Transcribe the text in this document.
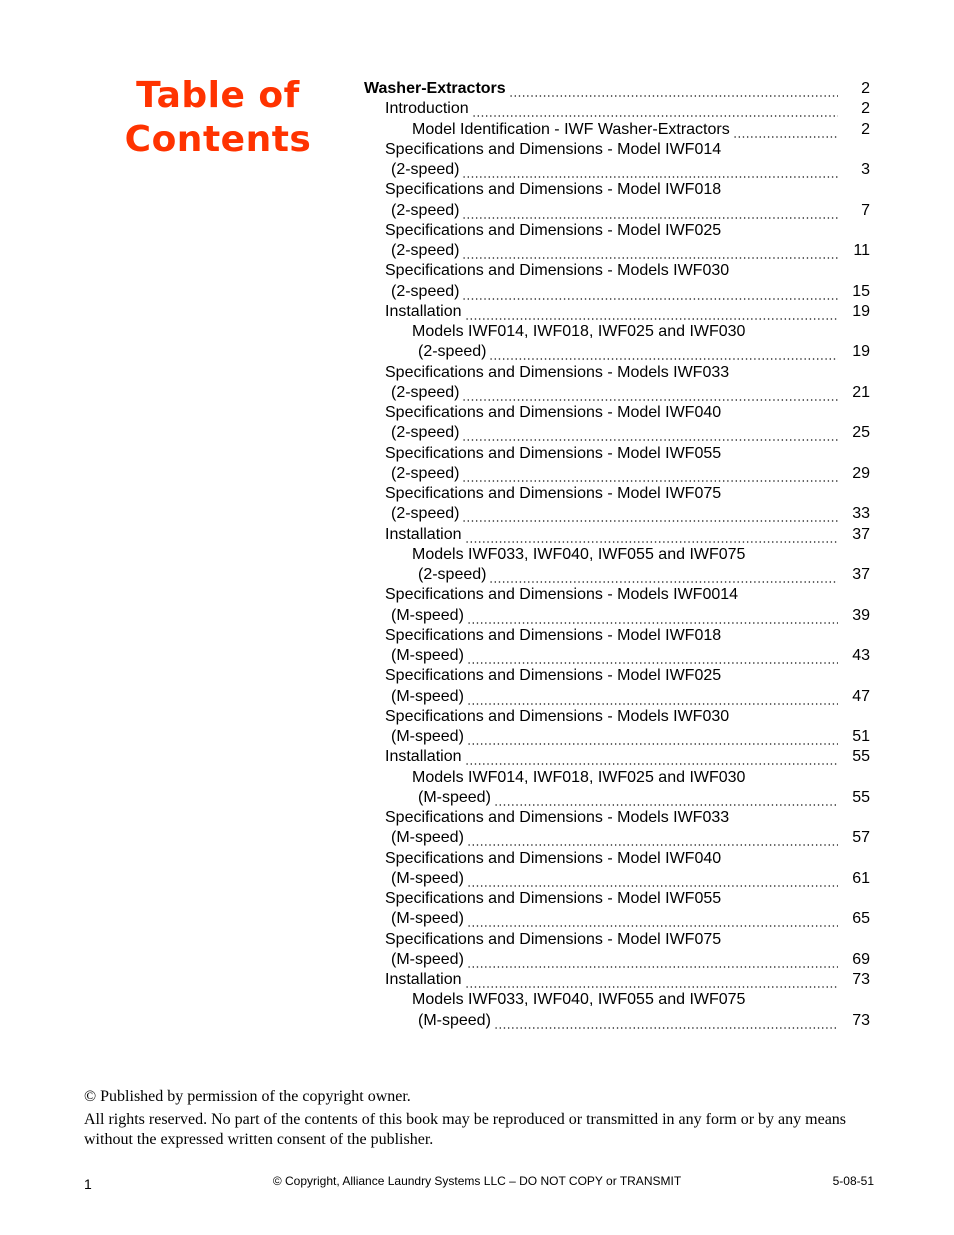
Table of
Contents
Washer-Extractors	2
Introduction	2
Model Identification - IWF Washer-Extractors	2
Specifications and Dimensions - Model IWF014
(2-speed)	3
Specifications and Dimensions - Model IWF018
(2-speed)	7
Specifications and Dimensions - Model IWF025
(2-speed)	11
Specifications and Dimensions - Models IWF030
(2-speed)	15
Installation	19
Models IWF014, IWF018, IWF025 and IWF030
(2-speed)	19
Specifications and Dimensions - Models IWF033
(2-speed)	21
Specifications and Dimensions - Model IWF040
(2-speed)	25
Specifications and Dimensions - Model IWF055
(2-speed)	29
Specifications and Dimensions - Model IWF075
(2-speed)	33
Installation	37
Models IWF033, IWF040, IWF055 and IWF075
(2-speed)	37
Specifications and Dimensions - Models IWF0014
(M-speed)	39
Specifications and Dimensions - Model IWF018
(M-speed)	43
Specifications and Dimensions - Model IWF025
(M-speed)	47
Specifications and Dimensions - Models IWF030
(M-speed)	51
Installation	55
Models IWF014, IWF018, IWF025 and IWF030
(M-speed)	55
Specifications and Dimensions - Models IWF033
(M-speed)	57
Specifications and Dimensions - Model IWF040
(M-speed)	61
Specifications and Dimensions - Model IWF055
(M-speed)	65
Specifications and Dimensions - Model IWF075
(M-speed)	69
Installation	73
Models IWF033, IWF040, IWF055 and IWF075
(M-speed)	73
© Published by permission of the copyright owner.
All rights reserved. No part of the contents of this book may be reproduced or transmitted in any form or by any means without the expressed written consent of the publisher.
1	© Copyright, Alliance Laundry Systems LLC – DO NOT COPY or TRANSMIT	5-08-51
